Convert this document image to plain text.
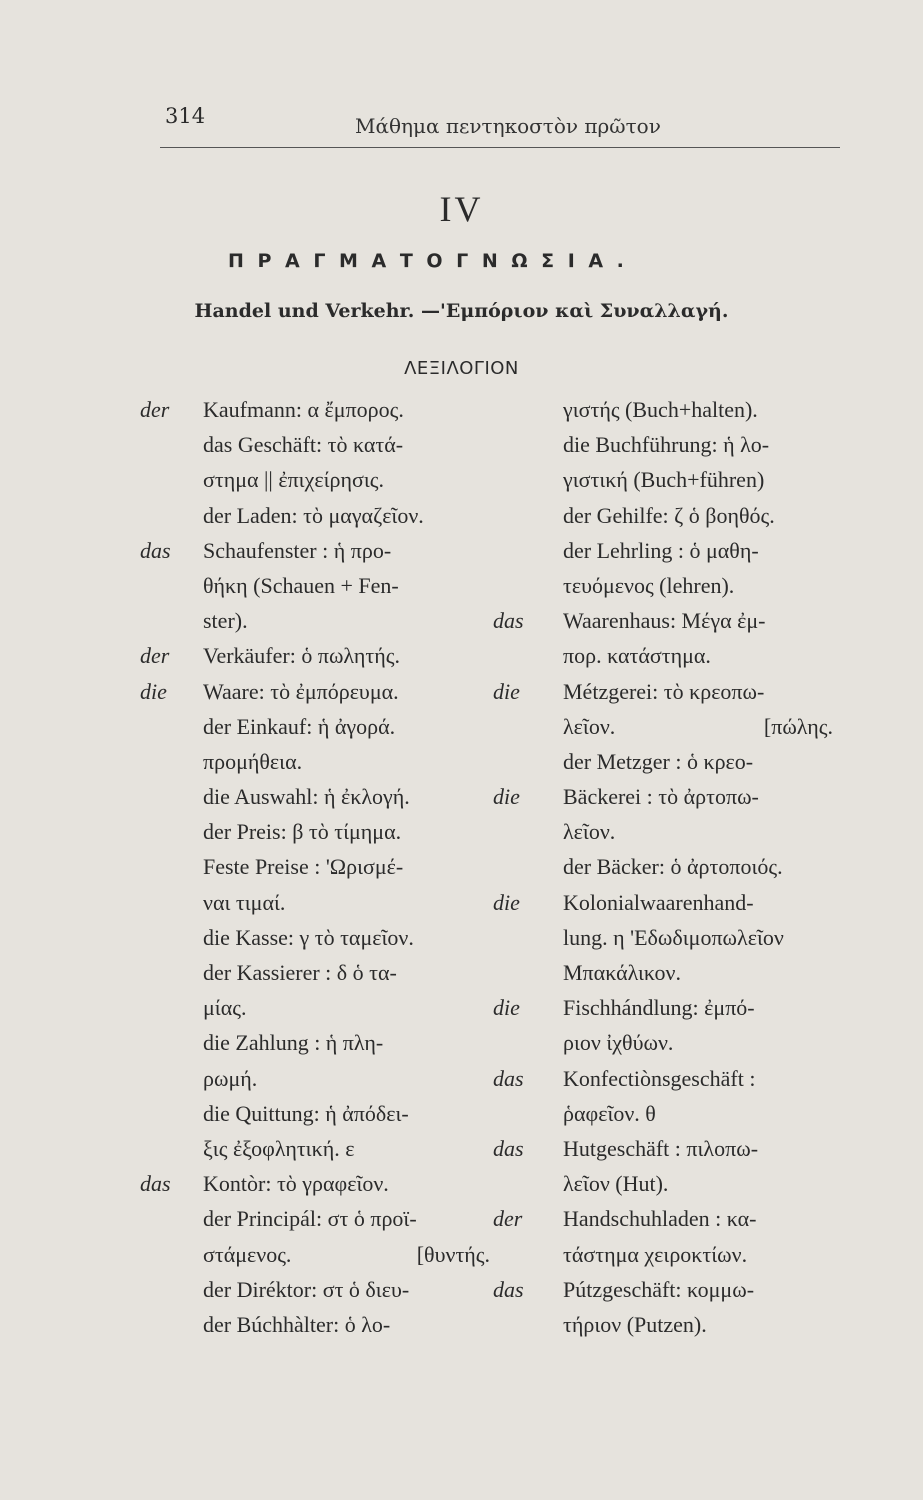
314	Μάθημα πεντηκοστὸν πρῶτον
IV
ΠΡΑΓΜΑΤΟΓΝΩΣΙΑ.
Handel und Verkehr. —'Εμπόριον καὶ Συναλλαγή.
ΛΕΞΙΛΟΓΙΟΝ
der Kaufmann: α ἔμπορος.
das Geschäft: τὸ κατά-
στημα || ἐπιχείρησις.
der Laden: τὸ μαγαζεῖον.
das Schaufenster : ἡ προ-
θήκη (Schauen + Fen-
ster).
der Verkäufer: ὁ πωλητής.
die Waare: τὸ ἐμπόρευμα.
der Einkauf: ἡ ἀγορά.
προμήθεια.
die Auswahl: ἡ ἐκλογή.
der Preis: β τὸ τίμημα.
Feste Preise : 'Ωρισμέ-
ναι τιμαί.
die Kasse: γ τὸ ταμεῖον.
der Kassierer : δ ὁ τα-
μίας.
die Zahlung : ἡ πλη-
ρωμή.
die Quittung: ἡ ἀπόδει-
ξις ἐξοφλητική. ε
das Kontòr: τὸ γραφεῖον.
der Principál: στ ὁ προϊ-
στάμενος.	[θυντής.
der Diréktor: στ ὁ διευ-
der Búchhàlter: ὁ λο-
γιστής (Buch+halten).
die Buchführung: ἡ λο-
γιστική (Buch+führen)
der Gehilfe: ζ ὁ βοηθός.
der Lehrling : ὁ μαθη-
τευόμενος (lehren).
das Waarenhaus: Μέγα ἐμ-
πορ. κατάστημα.
die Métzgerei: τὸ κρεοπω-
λεῖον.	[πώλης.
der Metzger : ὁ κρεο-
die Bäckerei : τὸ ἀρτοπω-
λεῖον.
der Bäcker: ὁ ἀρτοποιός.
die Kolonialwaarenhand-
lung. η 'Εδωδιμοπωλεῖον
Μπακάλικον.
die Fischhándlung: ἐμπό-
ριον ἰχθύων.
das Konfectiònsgeschäft :
ῥαφεῖον. θ
das Hutgeschäft : πιλοπω-
λεῖον (Hut).
der Handschuhladen : κα-
τάστημα χειροκτίων.
das Pútzgeschäft: κομμω-
τήριον (Putzen).
